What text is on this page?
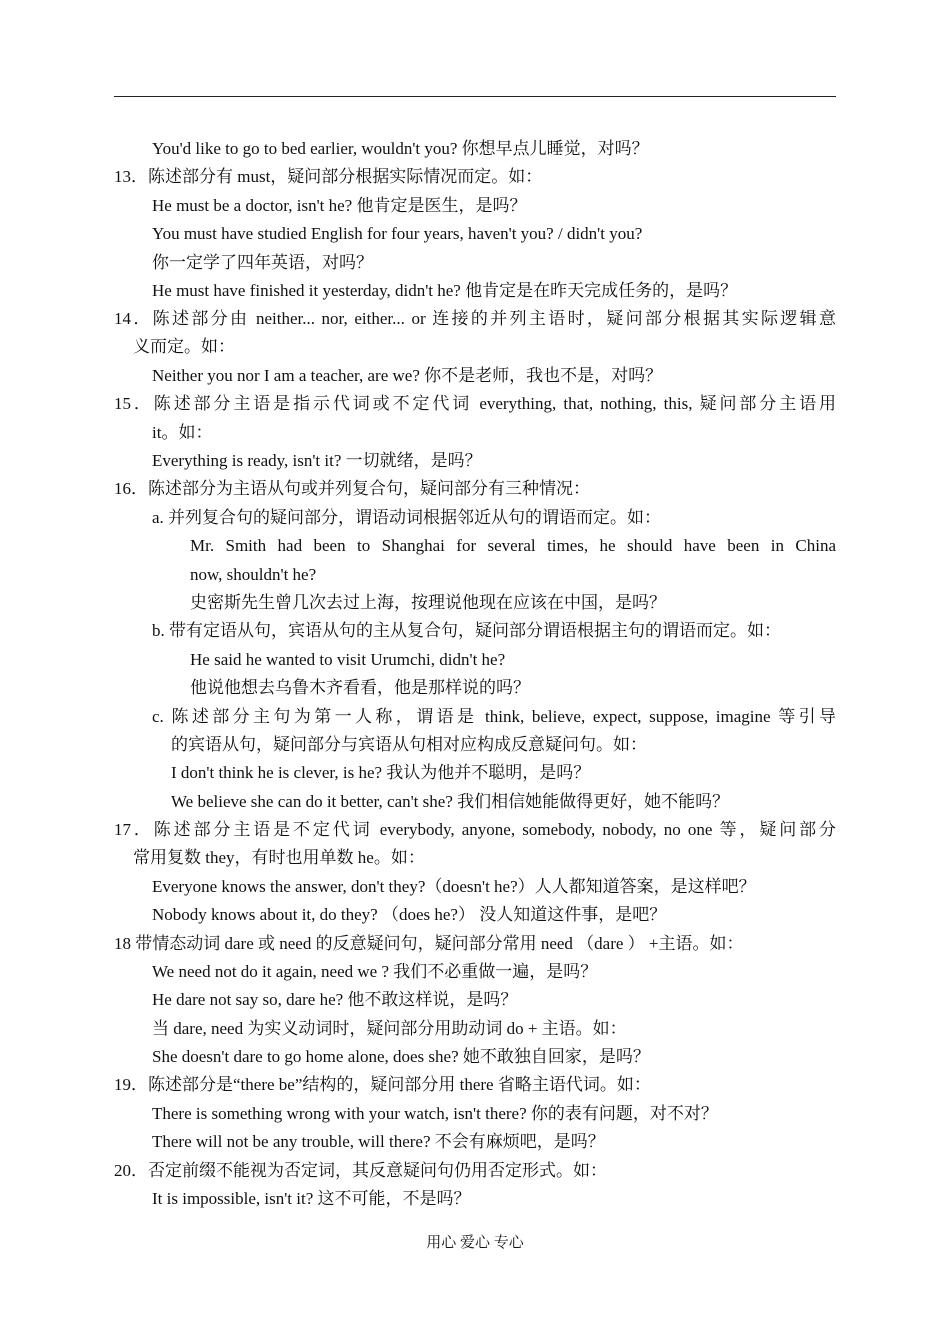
You'd like to go to bed earlier, wouldn't you? 你想早点儿睡觉，对吗？
13．陈述部分有 must，疑问部分根据实际情况而定。如：
He must be a doctor, isn't he? 他肯定是医生，是吗？
You must have studied English for four years, haven't you? / didn't you?
你一定学了四年英语，对吗？
He must have finished it yesterday, didn't he? 他肯定是在昨天完成任务的，是吗？
14．陈述部分由 neither... nor, either... or 连接的并列主语时，疑问部分根据其实际逻辑意
义而定。如：
Neither you nor I am a teacher, are we? 你不是老师，我也不是，对吗？
15．陈述部分主语是指示代词或不定代词 everything, that, nothing, this, 疑问部分主语用
it。如：
Everything is ready, isn't it? 一切就绪，是吗？
16．陈述部分为主语从句或并列复合句，疑问部分有三种情况：
a. 并列复合句的疑问部分，谓语动词根据邻近从句的谓语而定。如：
Mr. Smith had been to Shanghai for several times, he should have been in China
now, shouldn't he?
史密斯先生曾几次去过上海，按理说他现在应该在中国，是吗？
b. 带有定语从句，宾语从句的主从复合句，疑问部分谓语根据主句的谓语而定。如：
He said he wanted to visit Urumchi, didn't he?
他说他想去乌鲁木齐看看，他是那样说的吗？
c. 陈述部分主句为第一人称，谓语是 think, believe, expect, suppose, imagine 等引导
的宾语从句，疑问部分与宾语从句相对应构成反意疑问句。如：
I don't think he is clever, is he? 我认为他并不聪明，是吗？
We believe she can do it better, can't she? 我们相信她能做得更好，她不能吗？
17．陈述部分主语是不定代词 everybody, anyone, somebody, nobody, no one 等，疑问部分
常用复数 they，有时也用单数 he。如：
Everyone knows the answer, don't they?（doesn't he?）人人都知道答案，是这样吧？
Nobody knows about it, do they? （does he?） 没人知道这件事，是吧？
18 带情态动词 dare 或 need 的反意疑问句，疑问部分常用 need （dare ） +主语。如：
We need not do it again, need we ? 我们不必重做一遍，是吗？
He dare not say so, dare he? 他不敢这样说，是吗？
当 dare, need 为实义动词时，疑问部分用助动词 do + 主语。如：
She doesn't dare to go home alone, does she? 她不敢独自回家，是吗？
19．陈述部分是“there be”结构的，疑问部分用 there 省略主语代词。如：
There is something wrong with your watch, isn't there? 你的表有问题，对不对？
There will not be any trouble, will there? 不会有麻烦吧，是吗？
20．否定前缀不能视为否定词，其反意疑问句仍用否定形式。如：
It is impossible, isn't it? 这不可能，不是吗？
用心 爱心 专心
